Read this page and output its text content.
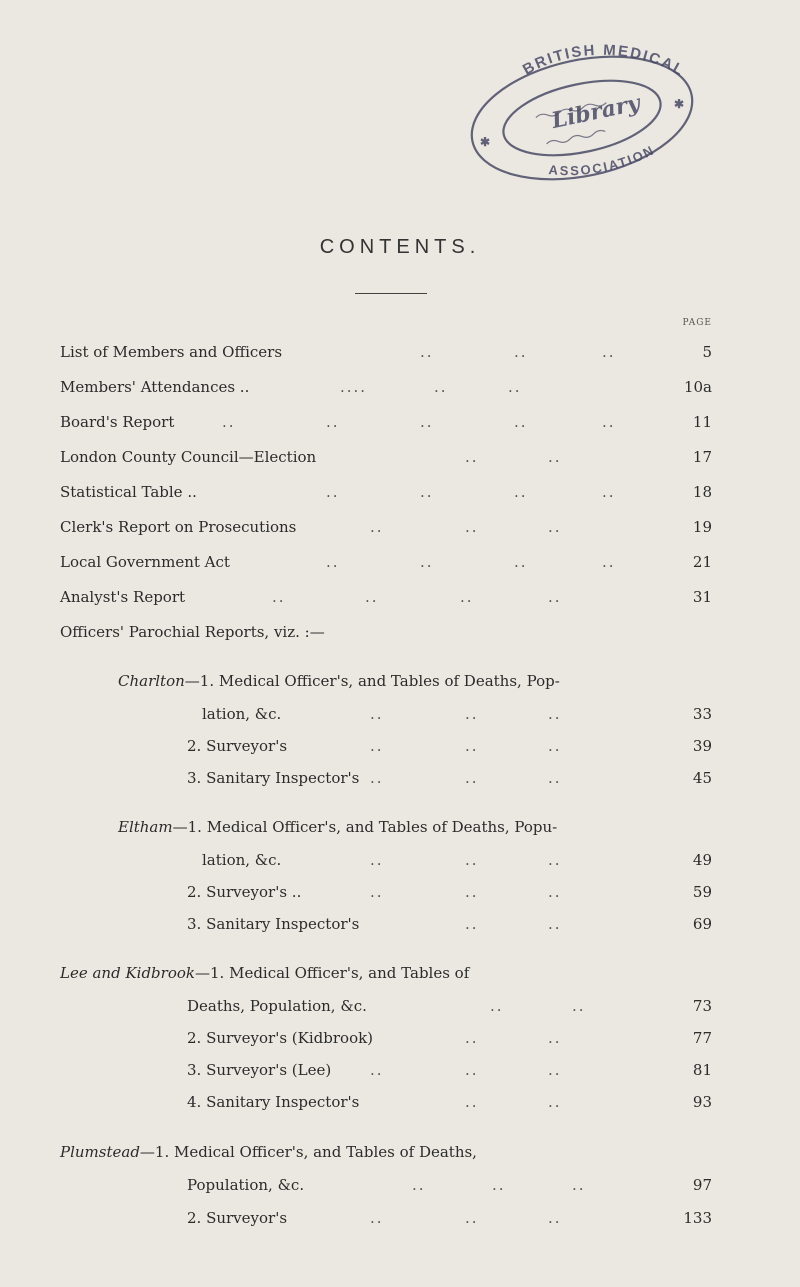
BRITISH MEDICAL
ASSOCIATION
Library
✱
✱
CONTENTS.
PAGE
List of Members and Officers	..	..	..	5
Members' Attendances ..	....	..	..	10a
Board's Report	..	..	..	..	..	11
London County Council—Election	..	..	17
Statistical Table ..	..	..	..	..	18
Clerk's Report on Prosecutions	..	..	..	19
Local Government Act	..	..	..	..	21
Analyst's Report	..	..	..	..	31
Officers' Parochial Reports, viz. :—
Charlton—1. Medical Officer's, and Tables of Deaths, Pop-
lation, &c.	..	..	..	33
2. Surveyor's	..	..	..	39
3. Sanitary Inspector's ..	..	..	45
Eltham—1. Medical Officer's, and Tables of Deaths, Popu-
lation, &c.	..	..	..	49
2. Surveyor's ..	..	..	..	59
3. Sanitary Inspector's	..	..	69
Lee and Kidbrook—1. Medical Officer's, and Tables of
Deaths, Population, &c.	..	..	73
2. Surveyor's (Kidbrook)	..	..	77
3. Surveyor's (Lee)	..	..	..	81
4. Sanitary Inspector's	..	..	93
Plumstead—1. Medical Officer's, and Tables of Deaths,
Population, &c.	..	..	..	97
2. Surveyor's	..	..	..	133
